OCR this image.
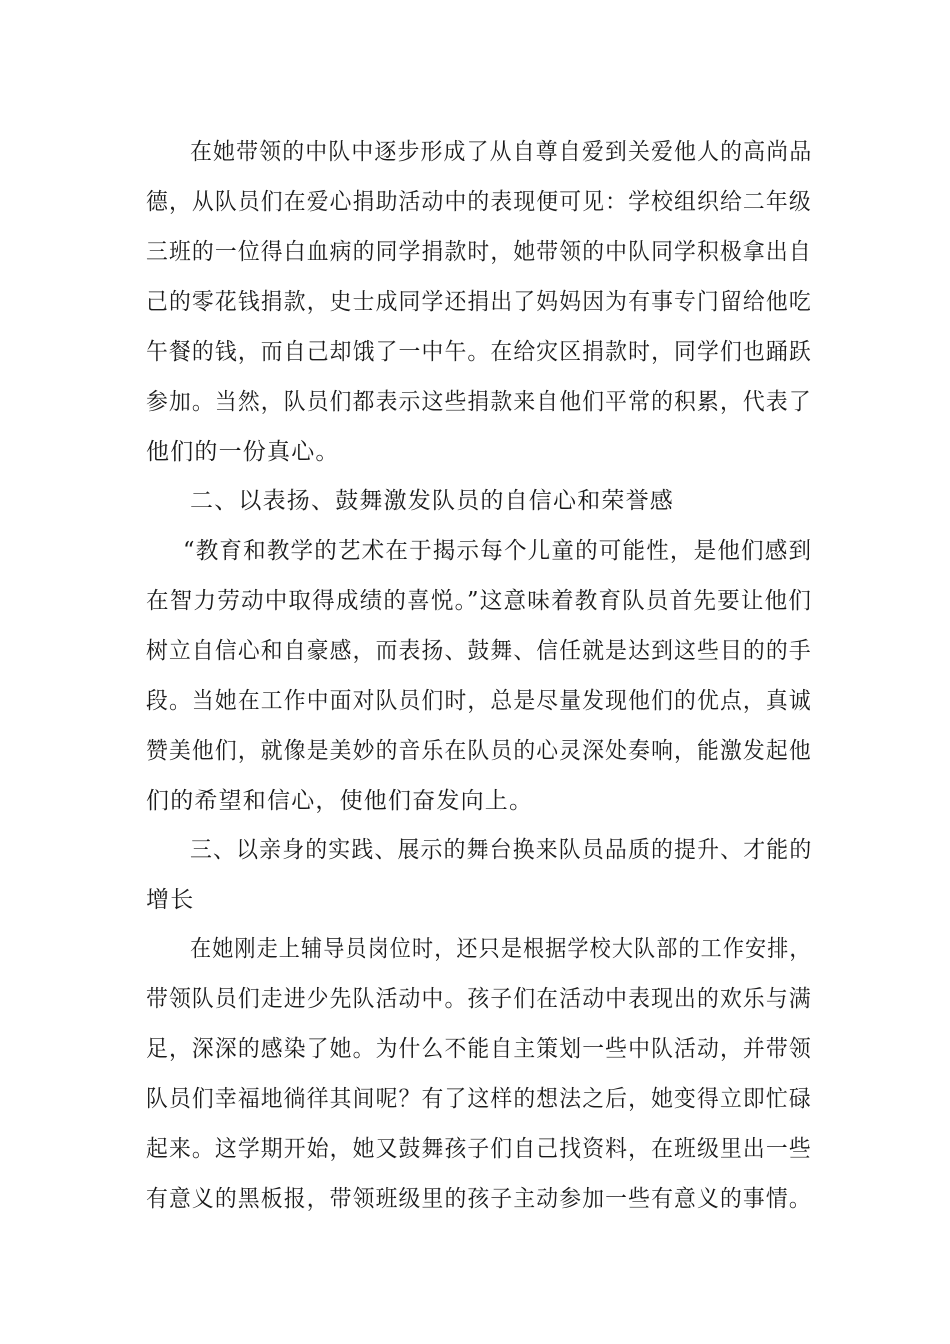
在她带领的中队中逐步形成了从自尊自爱到关爱他人的高尚品
德，从队员们在爱心捐助活动中的表现便可见：学校组织给二年级
三班的一位得白血病的同学捐款时，她带领的中队同学积极拿出自
己的零花钱捐款，史士成同学还捐出了妈妈因为有事专门留给他吃
午餐的钱，而自己却饿了一中午。在给灾区捐款时，同学们也踊跃
参加。当然，队员们都表示这些捐款来自他们平常的积累，代表了
他们的一份真心。
二、以表扬、鼓舞激发队员的自信心和荣誉感
“教育和教学的艺术在于揭示每个儿童的可能性，是他们感到
在智力劳动中取得成绩的喜悦。”这意味着教育队员首先要让他们
树立自信心和自豪感，而表扬、鼓舞、信任就是达到这些目的的手
段。当她在工作中面对队员们时，总是尽量发现他们的优点，真诚
赞美他们，就像是美妙的音乐在队员的心灵深处奏响，能激发起他
们的希望和信心，使他们奋发向上。
三、以亲身的实践、展示的舞台换来队员品质的提升、才能的
增长
在她刚走上辅导员岗位时，还只是根据学校大队部的工作安排，
带领队员们走进少先队活动中。孩子们在活动中表现出的欢乐与满
足，深深的感染了她。为什么不能自主策划一些中队活动，并带领
队员们幸福地徜徉其间呢？有了这样的想法之后，她变得立即忙碌
起来。这学期开始，她又鼓舞孩子们自己找资料，在班级里出一些
有意义的黑板报，带领班级里的孩子主动参加一些有意义的事情。
